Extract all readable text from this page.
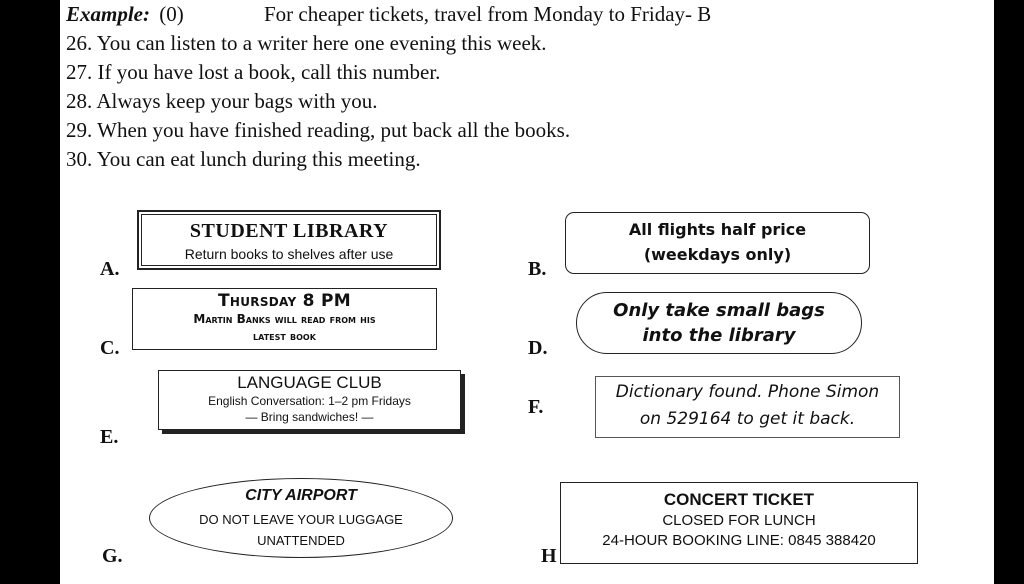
Example: (0)	For cheaper tickets, travel from Monday to Friday- B
26. You can listen to a writer here one evening this week.
27. If you have lost a book, call this number.
28. Always keep your bags with you.
29. When you have finished reading, put back all the books.
30. You can eat lunch during this meeting.
A.
STUDENT LIBRARY
Return books to shelves after use
B.
All flights half price
(weekdays only)
C.
Thursday 8 PM
Martin Banks will read from his
latest book
D.
Only take small bags
into the library
E.
LANGUAGE CLUB
English Conversation: 1–2 pm Fridays
— Bring sandwiches! —	F.
Dictionary found. Phone Simon
on 529164 to get it back.
G.
CITY AIRPORT
DO NOT LEAVE YOUR LUGGAGE
UNATTENDED
H
CONCERT TICKET
CLOSED FOR LUNCH
24-HOUR BOOKING LINE: 0845 388420
